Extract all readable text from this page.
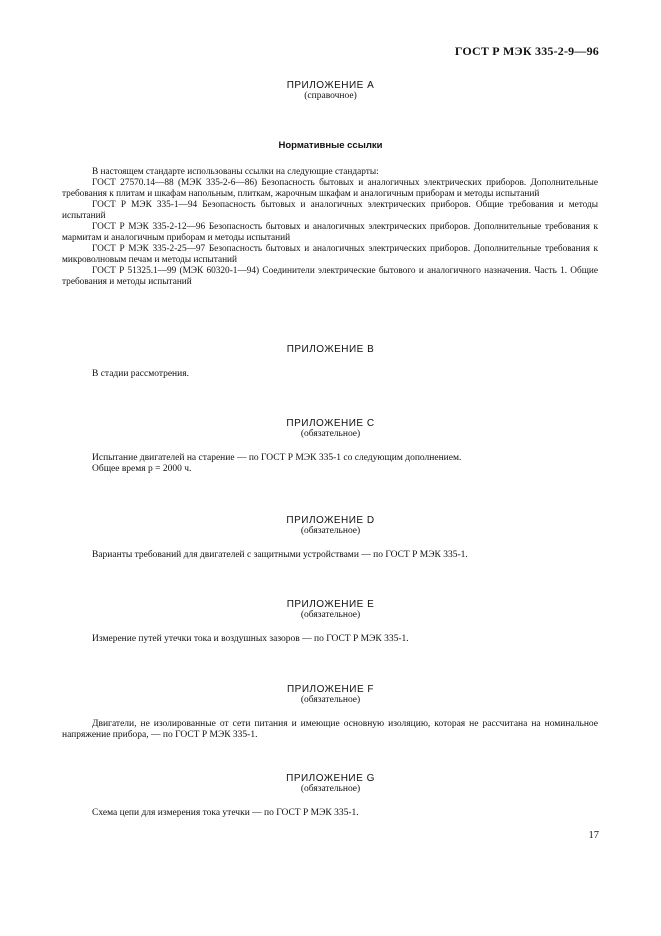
ГОСТ Р МЭК 335-2-9—96
ПРИЛОЖЕНИЕ A
(справочное)
Нормативные ссылки
В настоящем стандарте использованы ссылки на следующие стандарты:
ГОСТ 27570.14—88 (МЭК 335-2-6—86) Безопасность бытовых и аналогичных электрических приборов. Дополнительные требования к плитам и шкафам напольным, плиткам, жарочным шкафам и аналогичным приборам и методы испытаний
ГОСТ Р МЭК 335-1—94 Безопасность бытовых и аналогичных электрических приборов. Общие требования и методы испытаний
ГОСТ Р МЭК 335-2-12—96 Безопасность бытовых и аналогичных электрических приборов. Дополнительные требования к марм​итам и аналогичным приборам и методы испытаний
ГОСТ Р МЭК 335-2-25—97 Безопасность бытовых и аналогичных электрических приборов. Дополнительные требования к микроволновым печам и методы испытаний
ГОСТ Р 51325.1—99 (МЭК 60320-1—94) Соединители электрические бытового и аналогичного назначения. Часть 1. Общие требования и методы испытаний
ПРИЛОЖЕНИЕ B
В стадии рассмотрения.
ПРИЛОЖЕНИЕ C
(обязательное)
Испытание двигателей на старение — по ГОСТ Р МЭК 335-1 со следующим дополнением.
Общее время p = 2000 ч.
ПРИЛОЖЕНИЕ D
(обязательное)
Варианты требований для двигателей с защитными устройствами — по ГОСТ Р МЭК 335-1.
ПРИЛОЖЕНИЕ E
(обязательное)
Измерение путей утечки тока и воздушных зазоров — по ГОСТ Р МЭК 335-1.
ПРИЛОЖЕНИЕ F
(обязательное)
Двигатели, не изолированные от сети питания и имеющие основную изоляцию, которая не рассчитана на номинальное напряжение прибора, — по ГОСТ Р МЭК 335-1.
ПРИЛОЖЕНИЕ G
(обязательное)
Схема цепи для измерения тока утечки — по ГОСТ Р МЭК 335-1.
17
